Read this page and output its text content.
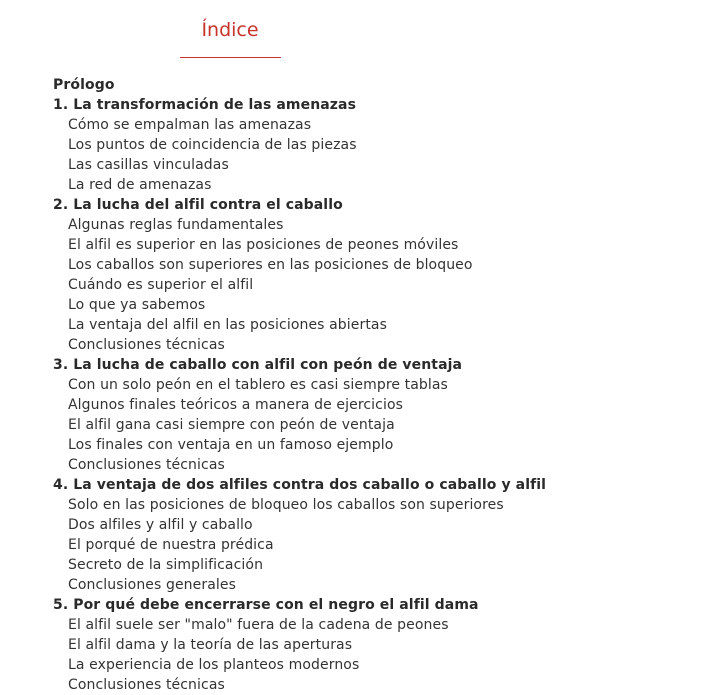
Índice
Prólogo
1. La transformación de las amenazas
Cómo se empalman las amenazas
Los puntos de coincidencia de las piezas
Las casillas vinculadas
La red de amenazas
2. La lucha del alfil contra el caballo
Algunas reglas fundamentales
El alfil es superior en las posiciones de peones móviles
Los caballos son superiores en las posiciones de bloqueo
Cuándo es superior el alfil
Lo que ya sabemos
La ventaja del alfil en las posiciones abiertas
Conclusiones técnicas
3. La lucha de caballo con alfil con peón de ventaja
Con un solo peón en el tablero es casi siempre tablas
Algunos finales teóricos a manera de ejercicios
El alfil gana casi siempre con peón de ventaja
Los finales con ventaja en un famoso ejemplo
Conclusiones técnicas
4. La ventaja de dos alfiles contra dos caballo o caballo y alfil
Solo en las posiciones de bloqueo los caballos son superiores
Dos alfiles y alfil y caballo
El porqué de nuestra prédica
Secreto de la simplificación
Conclusiones generales
5. Por qué debe encerrarse con el negro el alfil dama
El alfil suele ser "malo" fuera de la cadena de peones
El alfil dama y la teoría de las aperturas
La experiencia de los planteos modernos
Conclusiones técnicas
